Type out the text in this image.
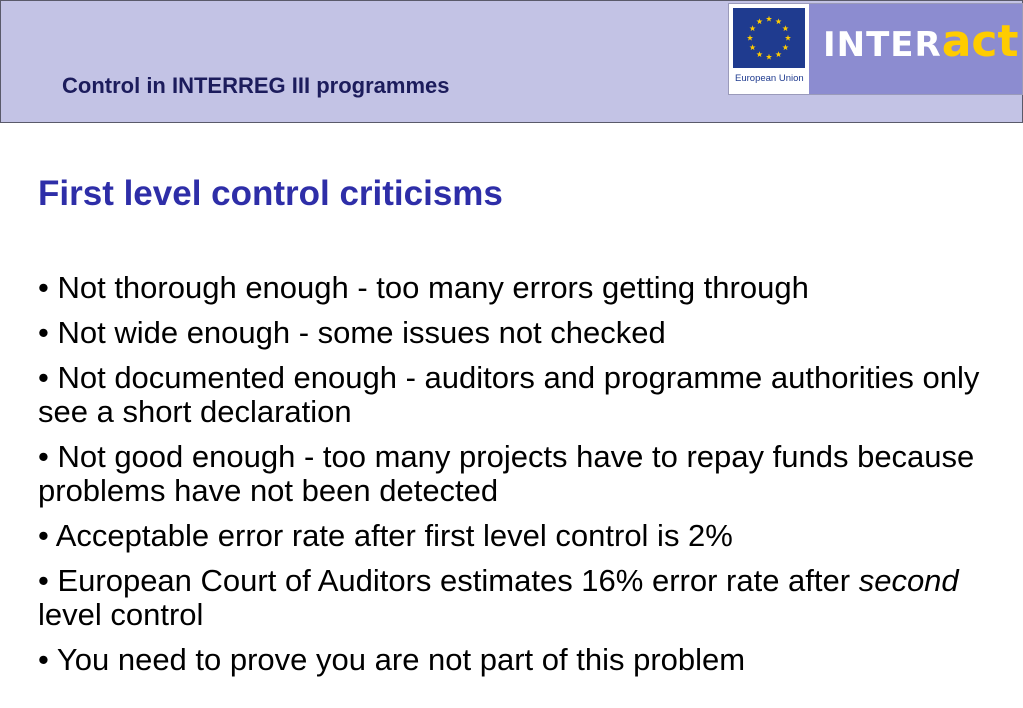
Control in INTERREG III programmes	European Union
INTERact
First level control criticisms
• Not thorough enough - too many errors getting through
• Not wide enough - some issues not checked
• Not documented enough - auditors and programme authorities only see a short declaration
• Not good enough - too many projects have to repay funds because problems have not been detected
• Acceptable error rate after first level control is 2%
• European Court of Auditors estimates 16% error rate after second level control
• You need to prove you are not part of this problem
